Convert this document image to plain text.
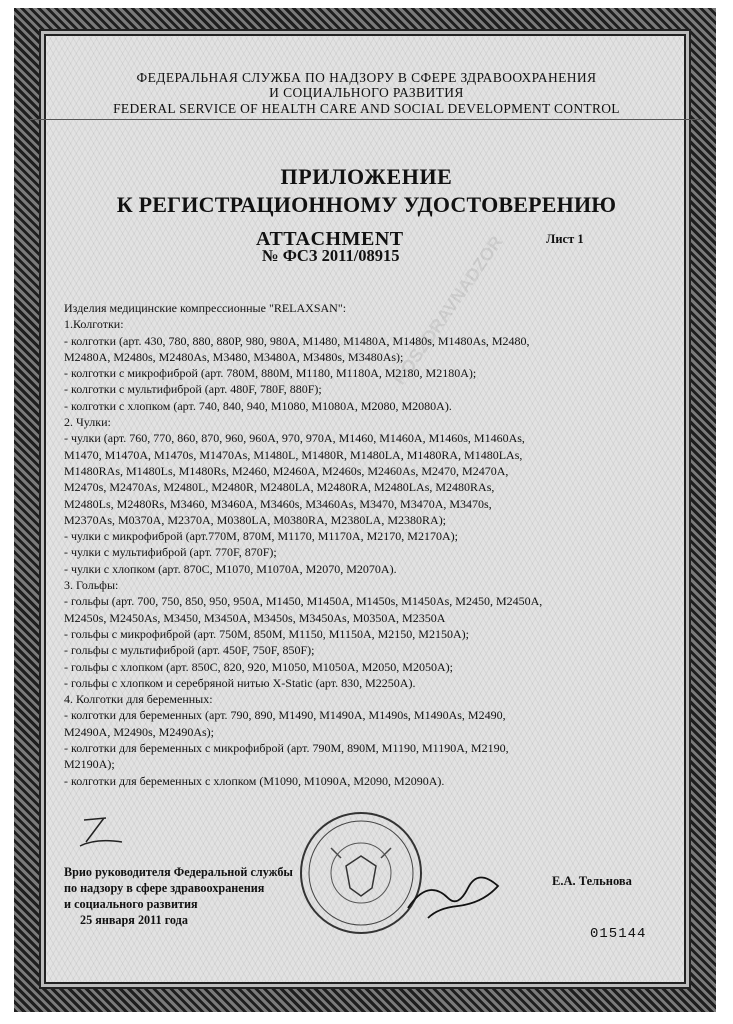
ROSZDRAVNADZOR
ФЕДЕРАЛЬНАЯ СЛУЖБА ПО НАДЗОРУ В СФЕРЕ ЗДРАВООХРАНЕНИЯ
И СОЦИАЛЬНОГО РАЗВИТИЯ
FEDERAL SERVICE OF HEALTH CARE AND SOCIAL DEVELOPMENT CONTROL
ПРИЛОЖЕНИЕ
К РЕГИСТРАЦИОННОМУ УДОСТОВЕРЕНИЮ
ATTACHMENT
№ ФСЗ 2011/08915
Лист 1
Изделия медицинские компрессионные "RELAXSAN":
1.Колготки:
- колготки (арт. 430, 780, 880, 880P, 980, 980A, M1480, M1480A, M1480s, M1480As, M2480,
M2480A, M2480s, M2480As, M3480, M3480A, M3480s, M3480As);
- колготки с микрофиброй (арт. 780M, 880M, M1180, M1180A, M2180, M2180A);
- колготки с мультифиброй (арт. 480F, 780F, 880F);
- колготки с хлопком (арт. 740, 840, 940, M1080, M1080A, M2080, M2080A).
2. Чулки:
- чулки (арт. 760, 770, 860, 870, 960, 960A, 970, 970A, M1460, M1460A, M1460s, M1460As,
M1470, M1470A, M1470s, M1470As, M1480L, M1480R, M1480LA, M1480RA, M1480LAs,
M1480RAs, M1480Ls, M1480Rs, M2460, M2460A, M2460s, M2460As, M2470, M2470A,
M2470s, M2470As, M2480L, M2480R, M2480LA, M2480RA, M2480LAs, M2480RAs,
M2480Ls, M2480Rs, M3460, M3460A, M3460s, M3460As, M3470, M3470A, M3470s,
M2370As, M0370A, M2370A, M0380LA, M0380RA, M2380LA, M2380RA);
- чулки с микрофиброй (арт.770M, 870M, M1170, M1170A, M2170, M2170A);
- чулки с мультифиброй (арт. 770F, 870F);
- чулки с хлопком (арт. 870C, M1070, M1070A, M2070, M2070A).
3. Гольфы:
- гольфы (арт. 700, 750, 850, 950, 950A, M1450, M1450A, M1450s, M1450As, M2450, M2450A,
M2450s, M2450As, M3450, M3450A, M3450s, M3450As, M0350A, M2350A
- гольфы с микрофиброй (арт. 750M, 850M, M1150, M1150A, M2150, M2150A);
- гольфы с мультифиброй (арт. 450F, 750F, 850F);
- гольфы с хлопком (арт. 850C, 820, 920, M1050, M1050A, M2050, M2050A);
- гольфы с хлопком и серебряной нитью X-Static (арт. 830, M2250A).
4. Колготки для беременных:
- колготки для беременных (арт. 790, 890, M1490, M1490A, M1490s, M1490As, M2490,
M2490A, M2490s, M2490As);
- колготки для беременных с микрофиброй (арт. 790M, 890M, M1190, M1190A, M2190,
M2190A);
- колготки для беременных с хлопком (M1090, M1090A, M2090, M2090A).
Врио руководителя Федеральной службы
по надзору в сфере здравоохранения
и социального развития
25 января 2011 года
Е.А. Тельнова
015144
